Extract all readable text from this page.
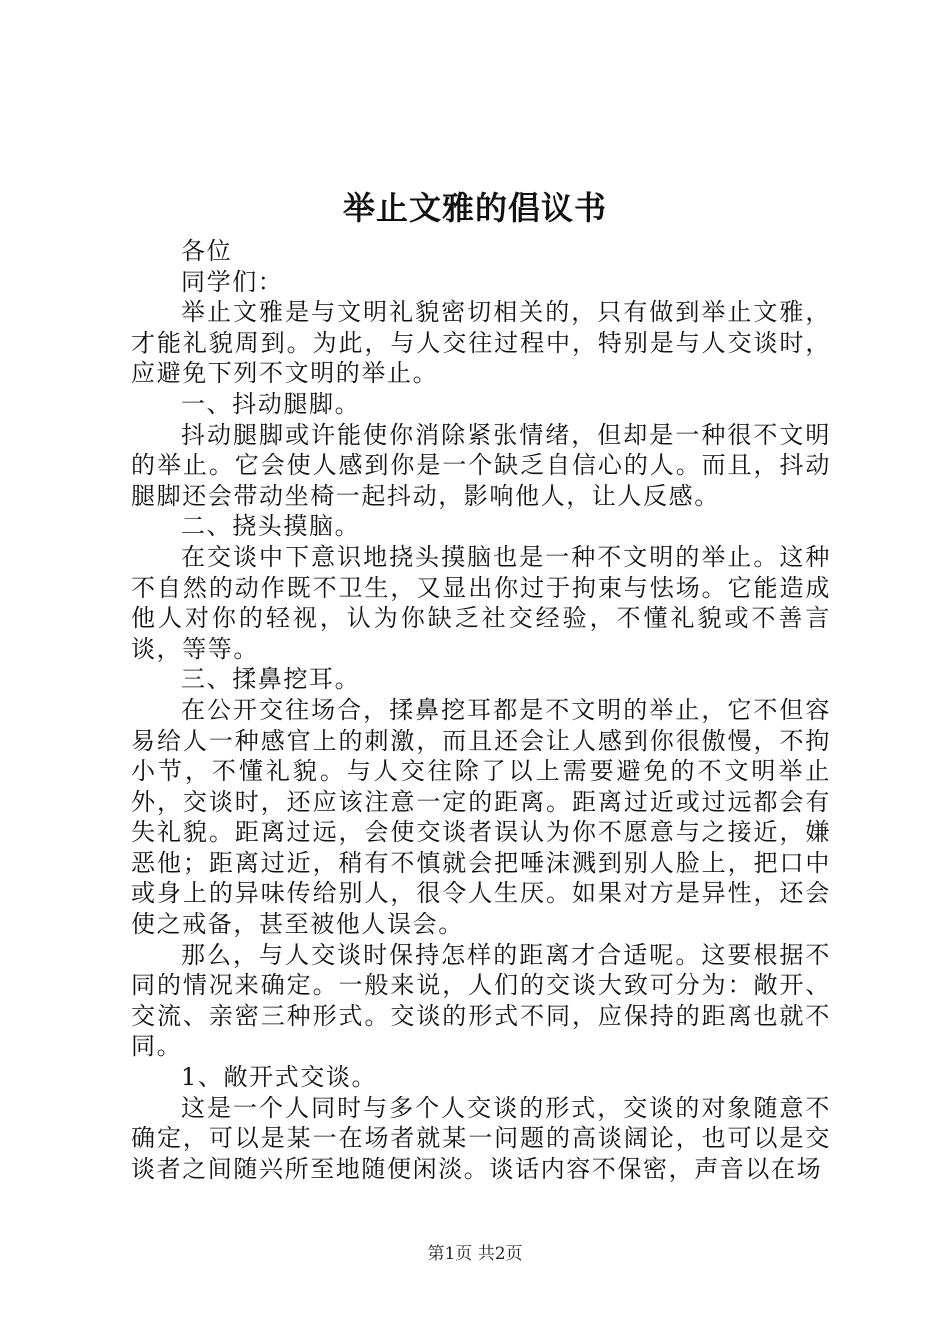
举止文雅的倡议书

各位

同学们：

举止文雅是与文明礼貌密切相关的，只有做到举止文雅，才能礼貌周到。为此，与人交往过程中，特别是与人交谈时，应避免下列不文明的举止。

一、抖动腿脚。

抖动腿脚或许能使你消除紧张情绪，但却是一种很不文明的举止。它会使人感到你是一个缺乏自信心的人。而且，抖动腿脚还会带动坐椅一起抖动，影响他人，让人反感。

二、挠头摸脑。

在交谈中下意识地挠头摸脑也是一种不文明的举止。这种不自然的动作既不卫生，又显出你过于拘束与怯场。它能造成他人对你的轻视，认为你缺乏社交经验，不懂礼貌或不善言谈，等等。

三、揉鼻挖耳。

在公开交往场合，揉鼻挖耳都是不文明的举止，它不但容易给人一种感官上的刺激，而且还会让人感到你很傲慢，不拘小节，不懂礼貌。与人交往除了以上需要避免的不文明举止外，交谈时，还应该注意一定的距离。距离过近或过远都会有失礼貌。距离过远，会使交谈者误认为你不愿意与之接近，嫌恶他；距离过近，稍有不慎就会把唾沫溅到别人脸上，把口中或身上的异味传给别人，很令人生厌。如果对方是异性，还会使之戒备，甚至被他人误会。

那么，与人交谈时保持怎样的距离才合适呢。这要根据不同的情况来确定。一般来说，人们的交谈大致可分为：敞开、交流、亲密三种形式。交谈的形式不同，应保持的距离也就不同。

1、敞开式交谈。

这是一个人同时与多个人交谈的形式，交谈的对象随意不确定，可以是某一在场者就某一问题的高谈阔论，也可以是交谈者之间随兴所至地随便闲淡。谈话内容不保密，声音以在场

第1页 共2页
